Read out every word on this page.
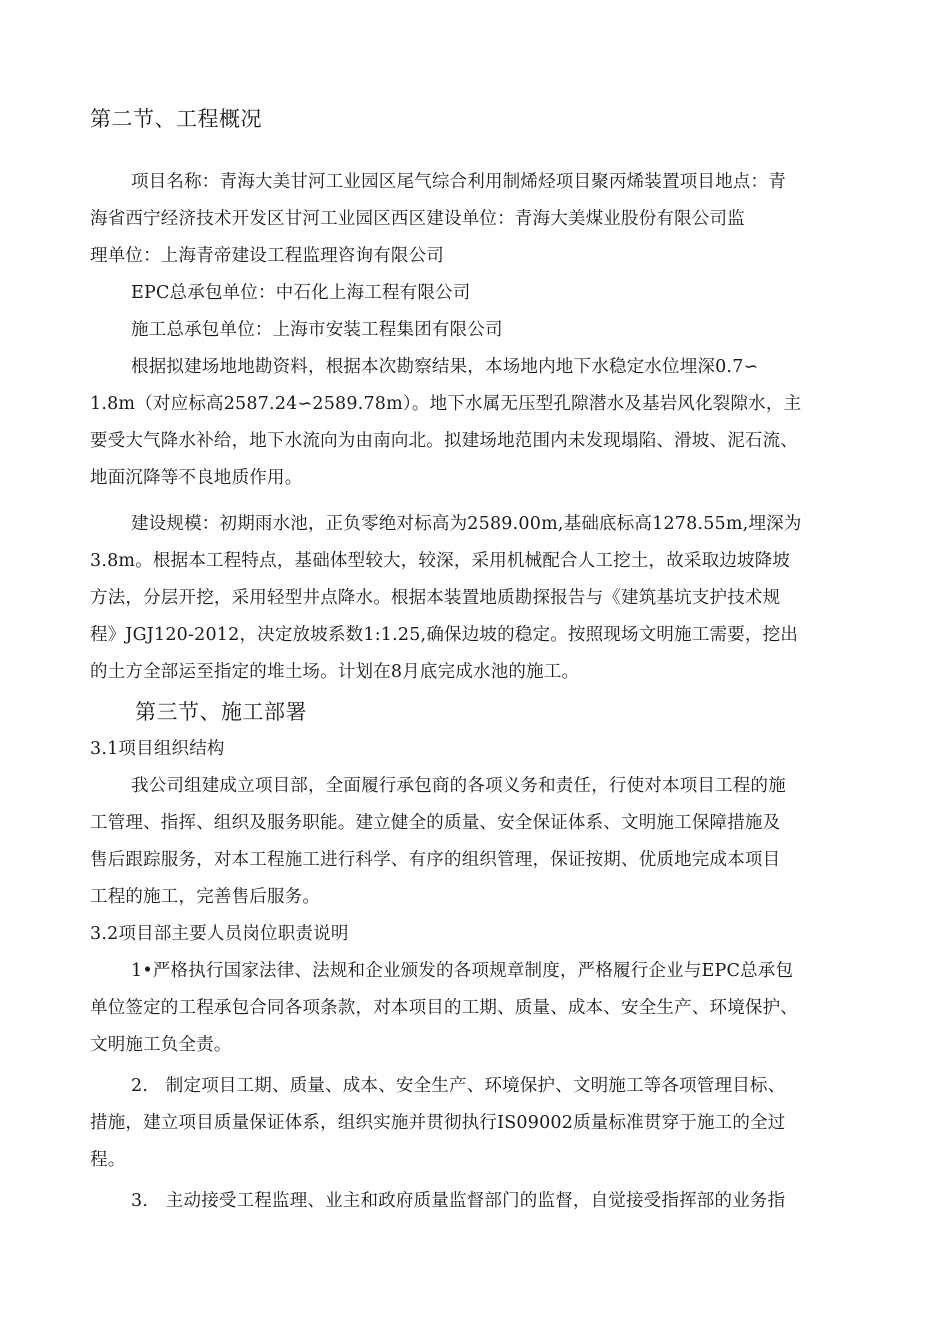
第二节、工程概况
项目名称：青海大美甘河工业园区尾气综合利用制烯烃项目聚丙烯装置项目地点：青
海省西宁经济技术开发区甘河工业园区西区建设单位：青海大美煤业股份有限公司监
理单位：上海青帝建设工程监理咨询有限公司
EPC总承包单位：中石化上海工程有限公司
施工总承包单位：上海市安装工程集团有限公司
根据拟建场地地勘资料，根据本次勘察结果，本场地内地下水稳定水位埋深0.7∽
1.8m（对应标高2587.24∽2589.78m）。地下水属无压型孔隙潜水及基岩风化裂隙水，主
要受大气降水补给，地下水流向为由南向北。拟建场地范围内未发现塌陷、滑坡、泥石流、
地面沉降等不良地质作用。
建设规模：初期雨水池，正负零绝对标高为2589.00m,基础底标高1278.55m,埋深为
3.8m。根据本工程特点，基础体型较大，较深，采用机械配合人工挖土，故采取边坡降坡
方法，分层开挖，采用轻型井点降水。根据本装置地质勘探报告与《建筑基坑支护技术规
程》JGJ120-2012，决定放坡系数1:1.25,确保边坡的稳定。按照现场文明施工需要，挖出
的土方全部运至指定的堆土场。计划在8月底完成水池的施工。
第三节、施工部署
3.1项目组织结构
我公司组建成立项目部，全面履行承包商的各项义务和责任，行使对本项目工程的施
工管理、指挥、组织及服务职能。建立健全的质量、安全保证体系、文明施工保障措施及
售后跟踪服务，对本工程施工进行科学、有序的组织管理，保证按期、优质地完成本项目
工程的施工，完善售后服务。
3.2项目部主要人员岗位职责说明
1•严格执行国家法律、法规和企业颁发的各项规章制度，严格履行企业与EPC总承包
单位签定的工程承包合同各项条款，对本项目的工期、质量、成本、安全生产、环境保护、
文明施工负全责。
2. 制定项目工期、质量、成本、安全生产、环境保护、文明施工等各项管理目标、
措施，建立项目质量保证体系，组织实施并贯彻执行IS09002质量标准贯穿于施工的全过
程。
3. 主动接受工程监理、业主和政府质量监督部门的监督，自觉接受指挥部的业务指
